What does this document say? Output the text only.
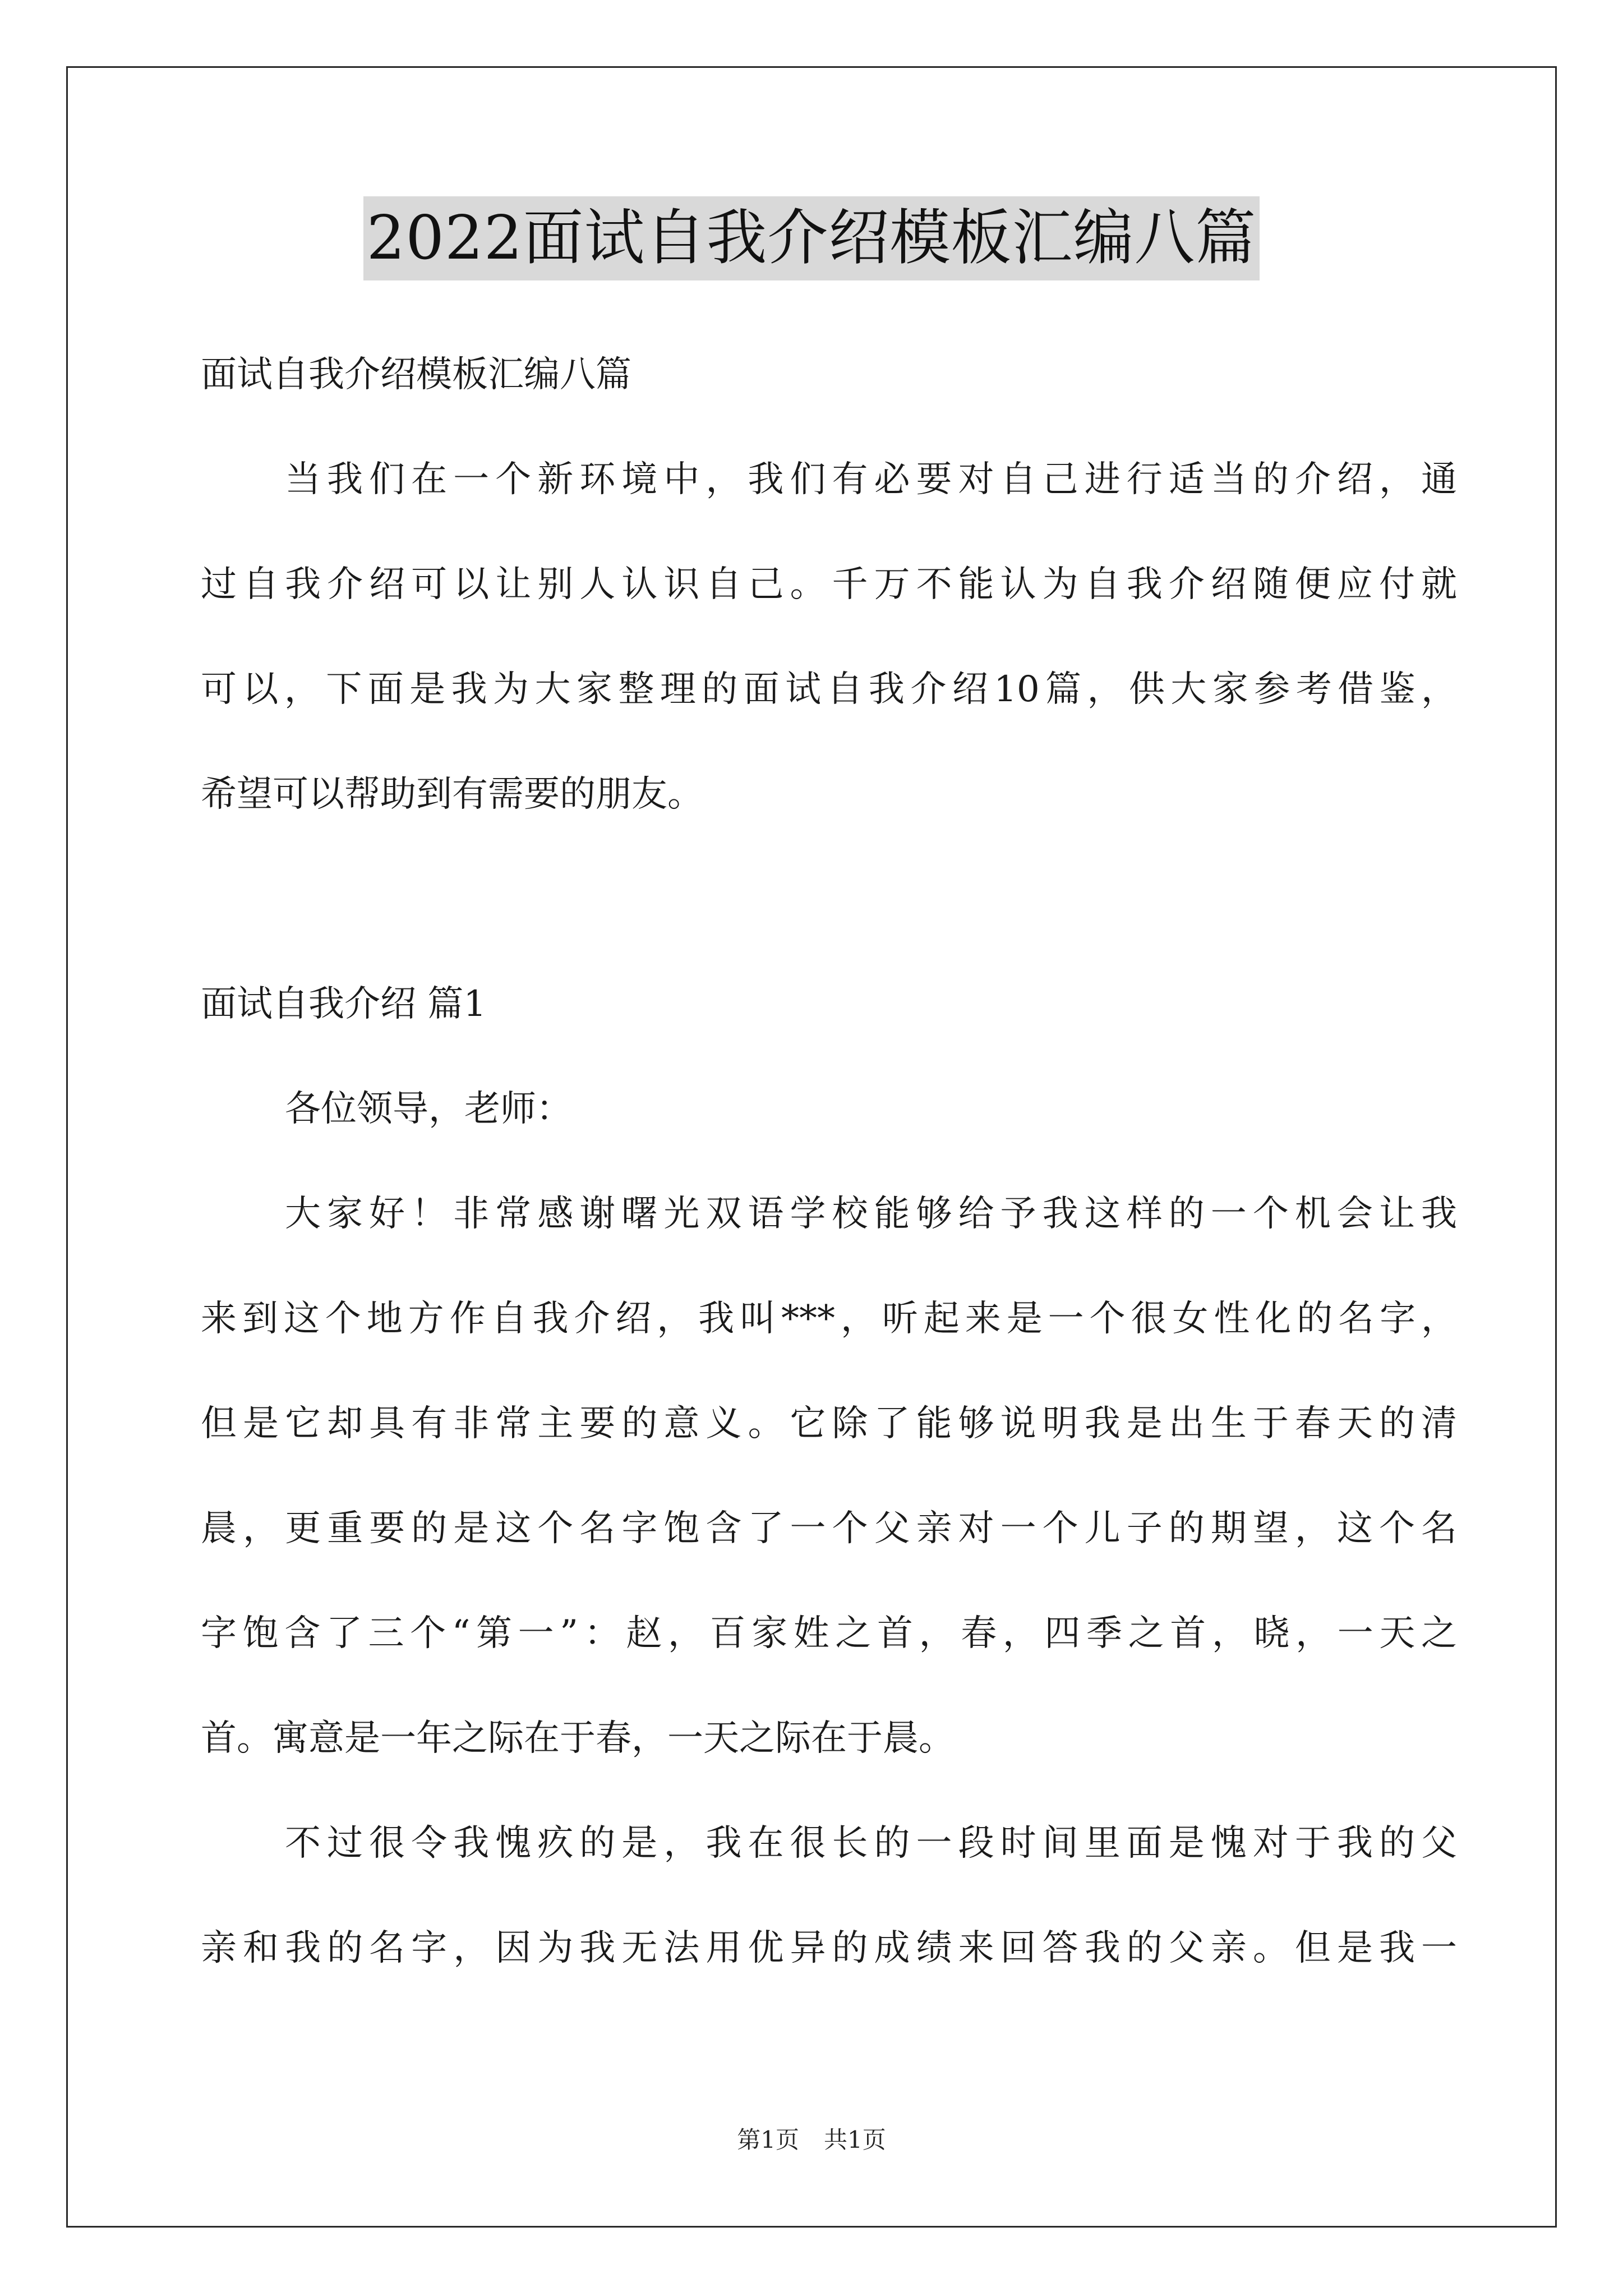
2022面试自我介绍模板汇编八篇
面试自我介绍模板汇编八篇
当我们在一个新环境中，我们有必要对自己进行适当的介绍，通
过自我介绍可以让别人认识自己。千万不能认为自我介绍随便应付就
可以，下面是我为大家整理的面试自我介绍10篇，供大家参考借鉴，
希望可以帮助到有需要的朋友。
面试自我介绍 篇1
各位领导，老师：
大家好！非常感谢曙光双语学校能够给予我这样的一个机会让我
来到这个地方作自我介绍，我叫***，听起来是一个很女性化的名字，
但是它却具有非常主要的意义。它除了能够说明我是出生于春天的清
晨，更重要的是这个名字饱含了一个父亲对一个儿子的期望，这个名
字饱含了三个“第一”：赵，百家姓之首，春，四季之首，晓，一天之
首。寓意是一年之际在于春，一天之际在于晨。
不过很令我愧疚的是，我在很长的一段时间里面是愧对于我的父
亲和我的名字，因为我无法用优异的成绩来回答我的父亲。但是我一
第1页 共1页
